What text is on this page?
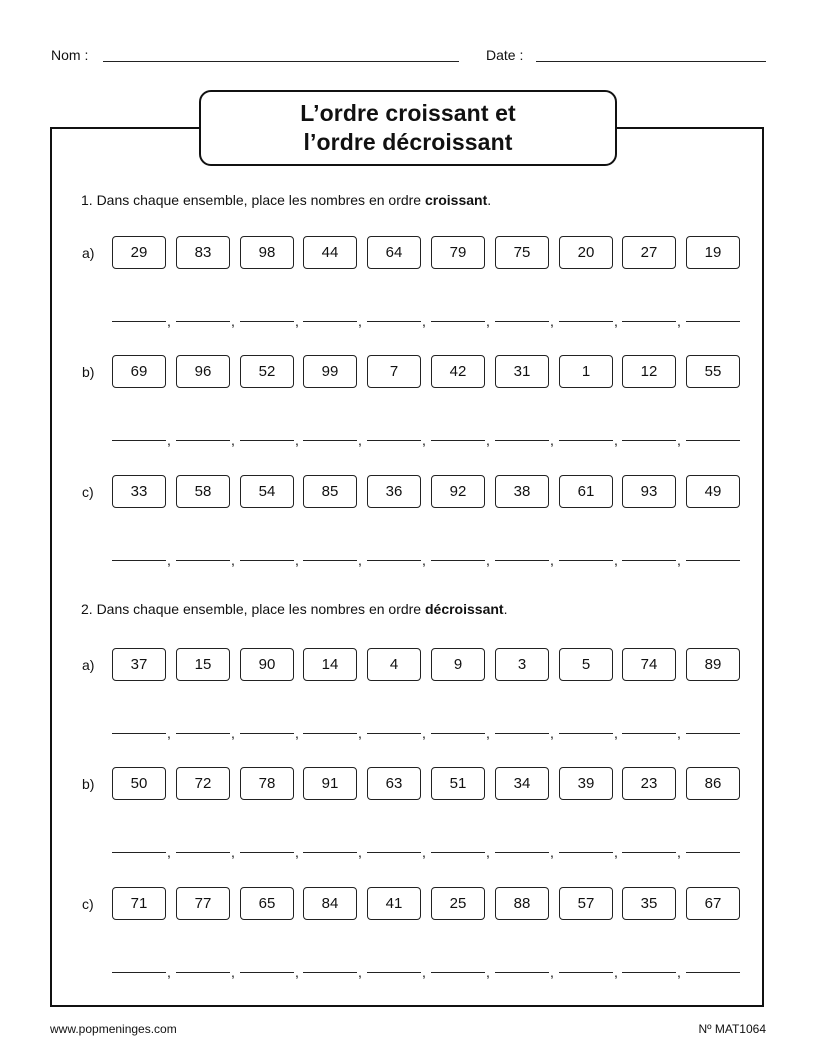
Nom :	Date :
L’ordre croissant et
l’ordre décroissant
1. Dans chaque ensemble, place les nombres en ordre croissant.
2. Dans chaque ensemble, place les nombres en ordre décroissant.
a)	29
,
83
,
98
,
44
,
64
,
79
,
75
,
20
,
27
,
19
b)	69
,
96
,
52
,
99
,
7
,
42
,
31
,
1
,
12
,
55
c)	33
,
58
,
54
,
85
,
36
,
92
,
38
,
61
,
93
,
49
a)	37
,
15
,
90
,
14
,
4
,
9
,
3
,
5
,
74
,
89
b)	50
,
72
,
78
,
91
,
63
,
51
,
34
,
39
,
23
,
86
c)	71
,
77
,
65
,
84
,
41
,
25
,
88
,
57
,
35
,
67
www.popmeninges.com	Nº MAT1064
